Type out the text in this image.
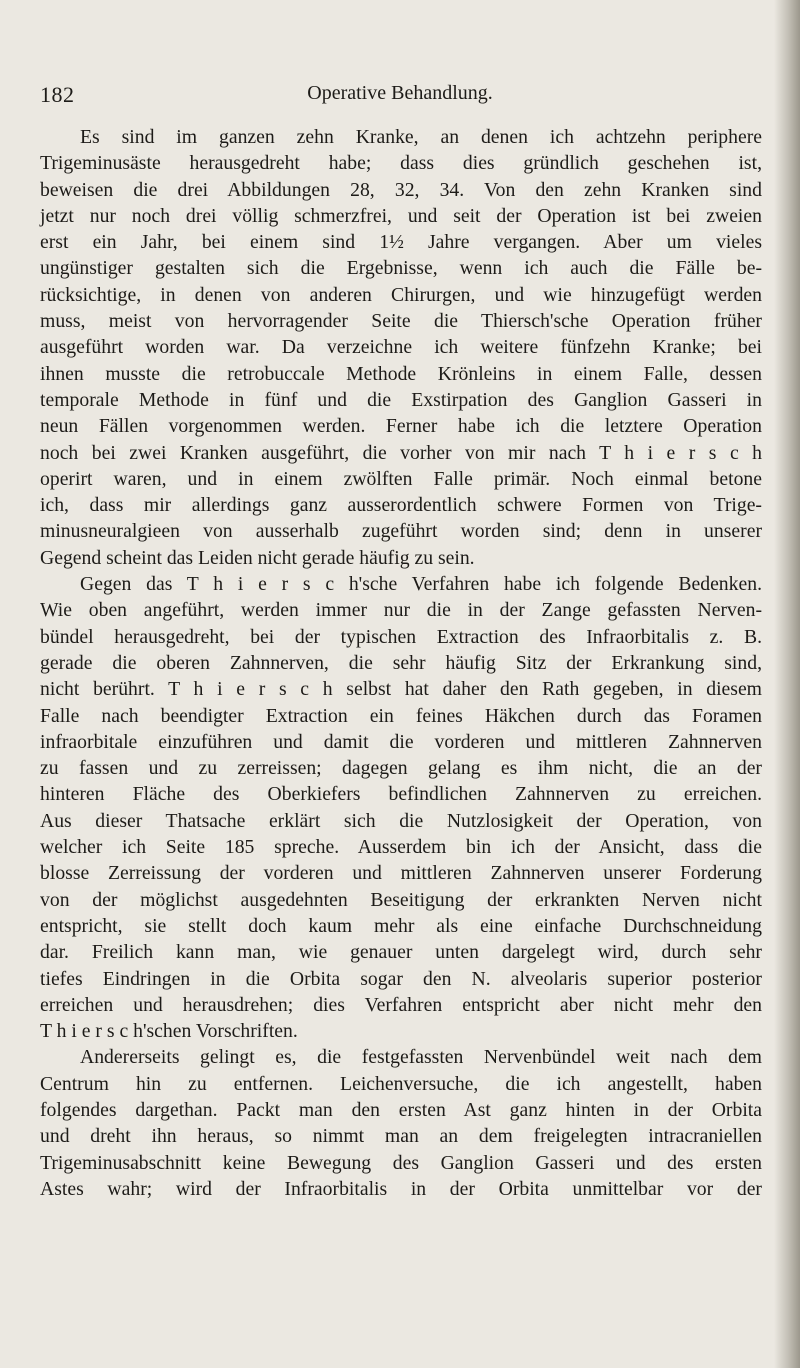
182	Operative Behandlung.
Es sind im ganzen zehn Kranke, an denen ich achtzehn periphere
Trigeminusäste herausgedreht habe; dass dies gründlich geschehen ist,
beweisen die drei Abbildungen 28, 32, 34. Von den zehn Kranken sind
jetzt nur noch drei völlig schmerzfrei, und seit der Operation ist bei zweien
erst ein Jahr, bei einem sind 1½ Jahre vergangen. Aber um vieles
ungünstiger gestalten sich die Ergebnisse, wenn ich auch die Fälle be-
rücksichtige, in denen von anderen Chirurgen, und wie hinzugefügt werden
muss, meist von hervorragender Seite die Thiersch'sche Operation früher
ausgeführt worden war. Da verzeichne ich weitere fünfzehn Kranke; bei
ihnen musste die retrobuccale Methode Krönleins in einem Falle, dessen
temporale Methode in fünf und die Exstirpation des Ganglion Gasseri in
neun Fällen vorgenommen werden. Ferner habe ich die letztere Operation
noch bei zwei Kranken ausgeführt, die vorher von mir nach T h i e r s c h
operirt waren, und in einem zwölften Falle primär. Noch einmal betone
ich, dass mir allerdings ganz ausserordentlich schwere Formen von Trige-
minusneuralgieen von ausserhalb zugeführt worden sind; denn in unserer
Gegend scheint das Leiden nicht gerade häufig zu sein.
Gegen das T h i e r s c h'sche Verfahren habe ich folgende Bedenken.
Wie oben angeführt, werden immer nur die in der Zange gefassten Nerven-
bündel herausgedreht, bei der typischen Extraction des Infraorbitalis z. B.
gerade die oberen Zahnnerven, die sehr häufig Sitz der Erkrankung sind,
nicht berührt. T h i e r s c h selbst hat daher den Rath gegeben, in diesem
Falle nach beendigter Extraction ein feines Häkchen durch das Foramen
infraorbitale einzuführen und damit die vorderen und mittleren Zahnnerven
zu fassen und zu zerreissen; dagegen gelang es ihm nicht, die an der
hinteren Fläche des Oberkiefers befindlichen Zahnnerven zu erreichen.
Aus dieser Thatsache erklärt sich die Nutzlosigkeit der Operation, von
welcher ich Seite 185 spreche. Ausserdem bin ich der Ansicht, dass die
blosse Zerreissung der vorderen und mittleren Zahnnerven unserer Forderung
von der möglichst ausgedehnten Beseitigung der erkrankten Nerven nicht
entspricht, sie stellt doch kaum mehr als eine einfache Durchschneidung
dar. Freilich kann man, wie genauer unten dargelegt wird, durch sehr
tiefes Eindringen in die Orbita sogar den N. alveolaris superior posterior
erreichen und herausdrehen; dies Verfahren entspricht aber nicht mehr den
T h i e r s c h'schen Vorschriften.
Andererseits gelingt es, die festgefassten Nervenbündel weit nach dem
Centrum hin zu entfernen. Leichenversuche, die ich angestellt, haben
folgendes dargethan. Packt man den ersten Ast ganz hinten in der Orbita
und dreht ihn heraus, so nimmt man an dem freigelegten intracraniellen
Trigeminusabschnitt keine Bewegung des Ganglion Gasseri und des ersten
Astes wahr; wird der Infraorbitalis in der Orbita unmittelbar vor der
